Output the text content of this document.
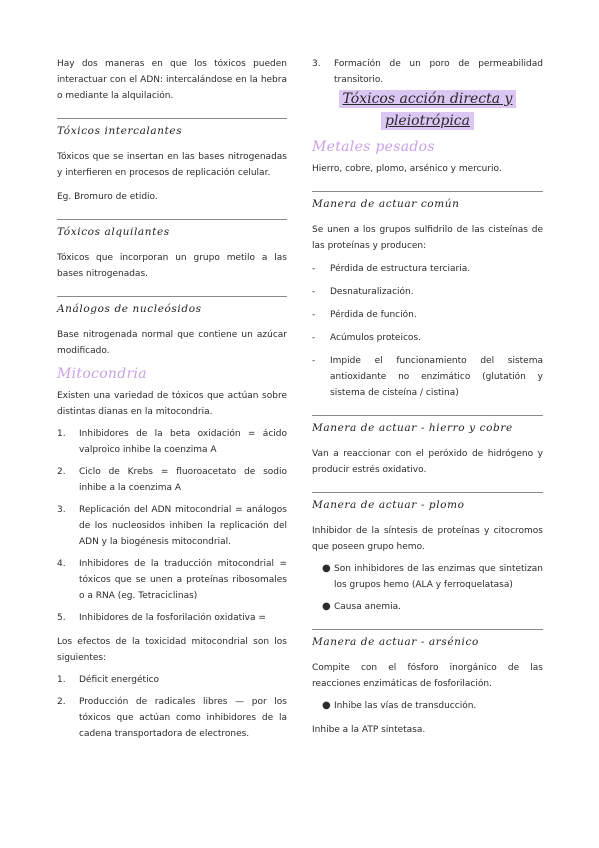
Hay dos maneras en que los tóxicos pueden interactuar con el ADN: intercalándose en la hebra o mediante la alquilación.

Tóxicos intercalantes

Tóxicos que se insertan en las bases nitrogenadas y interfieren en procesos de replicación celular.

Eg. Bromuro de etidio.

Tóxicos alquilantes

Tóxicos que incorporan un grupo metilo a las bases nitrogenadas.

Análogos de nucleósidos

Base nitrogenada normal que contiene un azúcar modificado.

Mitocondria

Existen una variedad de tóxicos que actúan sobre distintas dianas en la mitocondria.

1.	Inhibidores de la beta oxidación = ácido valproico inhibe la coenzima A
2.	Ciclo de Krebs = fluoroacetato de sodio inhibe a la coenzima A
3.	Replicación del ADN mitocondrial = análogos de los nucleosidos inhiben la replicación del ADN y la biogénesis mitocondrial.
4.	Inhibidores de la traducción mitocondrial = tóxicos que se unen a proteínas ribosomales o a RNA (eg. Tetraciclinas)
5.	Inhibidores de la fosforilación oxidativa =

Los efectos de la toxicidad mitocondrial son los siguientes:

1.	Déficit energético
2.	Producción de radicales libres — por los tóxicos que actúan como inhibidores de la cadena transportadora de electrones.
3.	Formación de un poro de permeabilidad transitorio.
Tóxicos acción directa y pleiotrópica
Metales pesados

Hierro, cobre, plomo, arsénico y mercurio.

Manera de actuar común

Se unen a los grupos sulfidrilo de las cisteínas de las proteínas y producen:

-	Pérdida de estructura terciaria.
-	Desnaturalización.
-	Pérdida de función.
-	Acúmulos proteicos.
-	Impide el funcionamiento del sistema antioxidante no enzimático (glutatión y sistema de cisteína / cistina)
Manera de actuar - hierro y cobre

Van a reaccionar con el peróxido de hidrógeno y producir estrés oxidativo.

Manera de actuar - plomo

Inhibidor de la síntesis de proteínas y citocromos que poseen grupo hemo.

● Son inhibidores de las enzimas que sintetizan los grupos hemo (ALA y ferroquelatasa)
● Causa anemia.
Manera de actuar - arsénico

Compite con el fósforo inorgánico de las reacciones enzimáticas de fosforilación.

● Inhibe las vías de transducción.

Inhibe a la ATP sintetasa.
